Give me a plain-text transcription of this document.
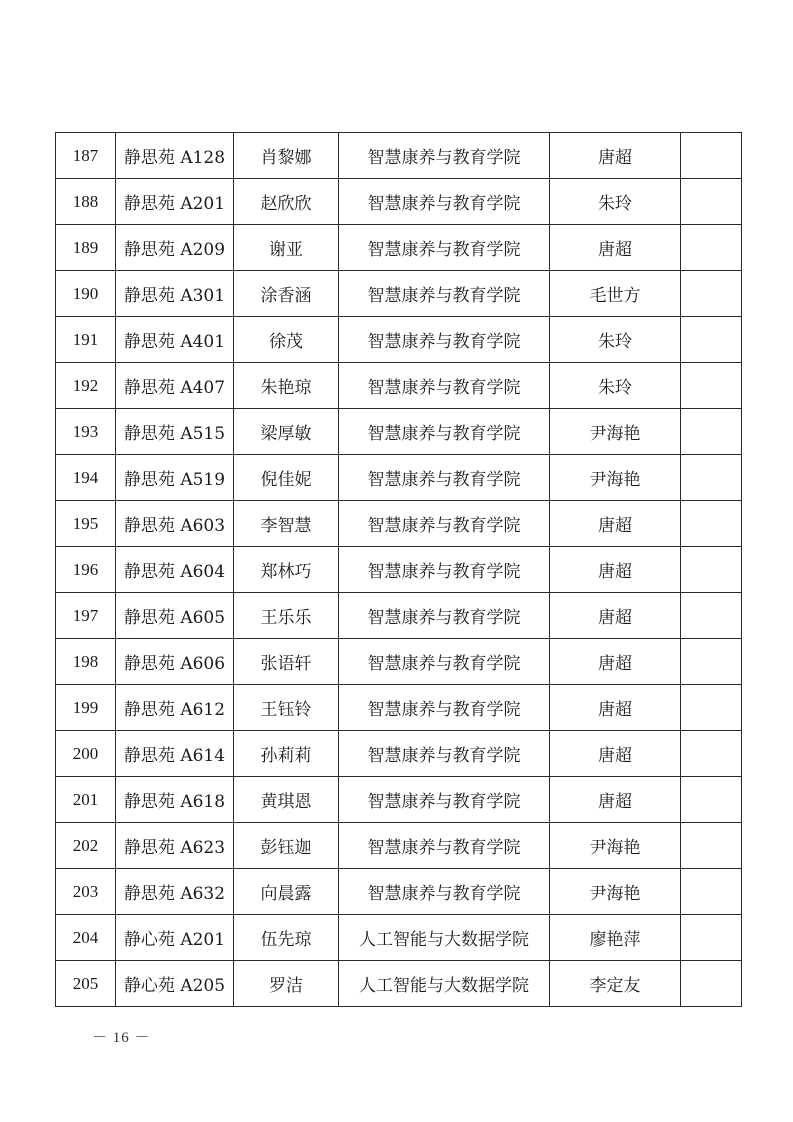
187	静思苑 A128	肖黎娜	智慧康养与教育学院	唐超	
188	静思苑 A201	赵欣欣	智慧康养与教育学院	朱玲	
189	静思苑 A209	谢亚	智慧康养与教育学院	唐超	
190	静思苑 A301	涂香涵	智慧康养与教育学院	毛世方	
191	静思苑 A401	徐茂	智慧康养与教育学院	朱玲	
192	静思苑 A407	朱艳琼	智慧康养与教育学院	朱玲	
193	静思苑 A515	梁厚敏	智慧康养与教育学院	尹海艳	
194	静思苑 A519	倪佳妮	智慧康养与教育学院	尹海艳	
195	静思苑 A603	李智慧	智慧康养与教育学院	唐超	
196	静思苑 A604	郑林巧	智慧康养与教育学院	唐超	
197	静思苑 A605	王乐乐	智慧康养与教育学院	唐超	
198	静思苑 A606	张语轩	智慧康养与教育学院	唐超	
199	静思苑 A612	王钰铃	智慧康养与教育学院	唐超	
200	静思苑 A614	孙莉莉	智慧康养与教育学院	唐超	
201	静思苑 A618	黄琪恩	智慧康养与教育学院	唐超	
202	静思苑 A623	彭钰迦	智慧康养与教育学院	尹海艳	
203	静思苑 A632	向晨露	智慧康养与教育学院	尹海艳	
204	静心苑 A201	伍先琼	人工智能与大数据学院	廖艳萍	
205	静心苑 A205	罗洁	人工智能与大数据学院	李定友	
－ 16 －
